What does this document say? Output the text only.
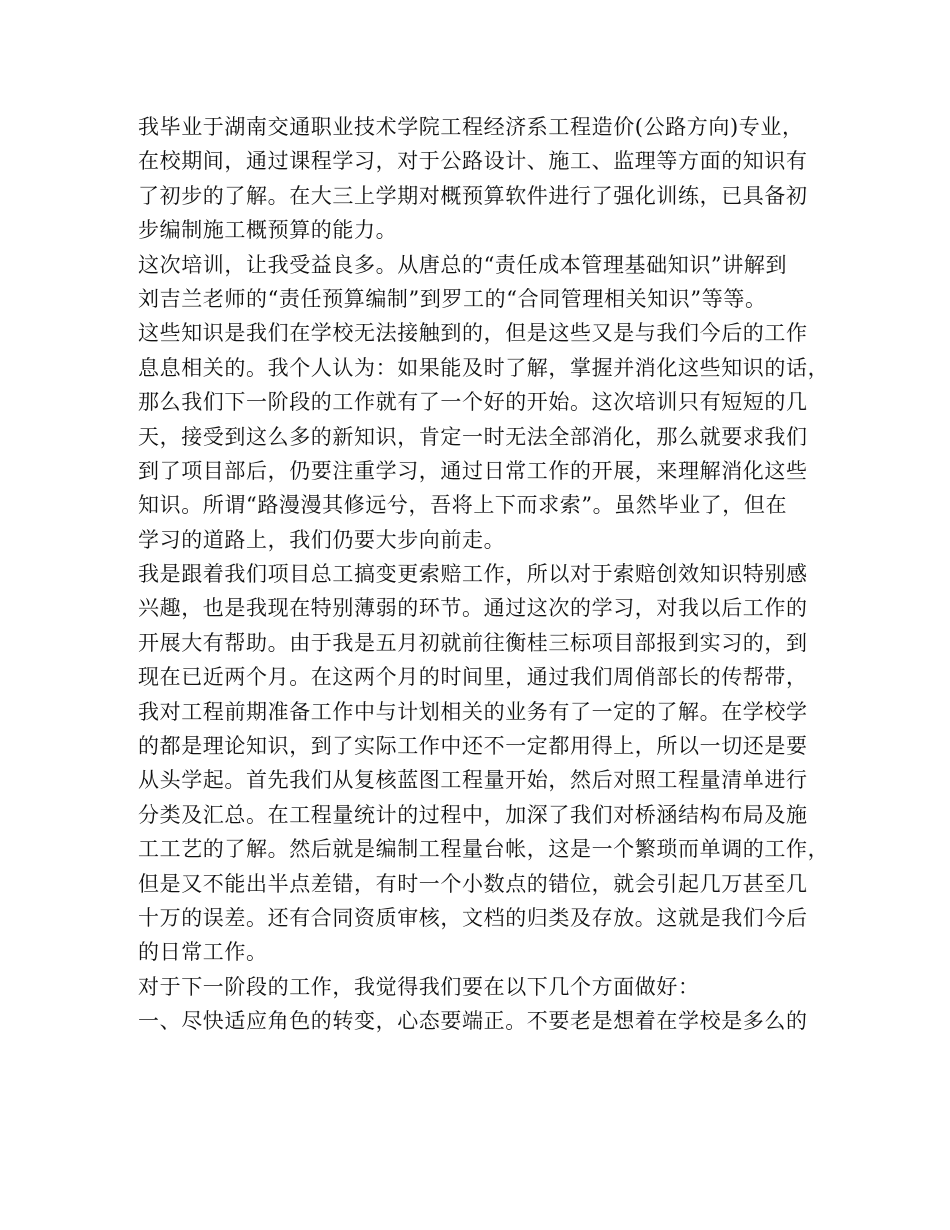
我毕业于湖南交通职业技术学院工程经济系工程造价(公路方向)专业，
在校期间，通过课程学习，对于公路设计、施工、监理等方面的知识有
了初步的了解。在大三上学期对概预算软件进行了强化训练，已具备初
步编制施工概预算的能力。
这次培训，让我受益良多。从唐总的“责任成本管理基础知识”讲解到
刘吉兰老师的“责任预算编制”到罗工的“合同管理相关知识”等等。
这些知识是我们在学校无法接触到的，但是这些又是与我们今后的工作
息息相关的。我个人认为：如果能及时了解，掌握并消化这些知识的话，
那么我们下一阶段的工作就有了一个好的开始。这次培训只有短短的几
天，接受到这么多的新知识，肯定一时无法全部消化，那么就要求我们
到了项目部后，仍要注重学习，通过日常工作的开展，来理解消化这些
知识。所谓“路漫漫其修远兮，吾将上下而求索”。虽然毕业了，但在
学习的道路上，我们仍要大步向前走。
我是跟着我们项目总工搞变更索赔工作，所以对于索赔创效知识特别感
兴趣，也是我现在特别薄弱的环节。通过这次的学习，对我以后工作的
开展大有帮助。由于我是五月初就前往衡桂三标项目部报到实习的，到
现在已近两个月。在这两个月的时间里，通过我们周俏部长的传帮带，
我对工程前期准备工作中与计划相关的业务有了一定的了解。在学校学
的都是理论知识，到了实际工作中还不一定都用得上，所以一切还是要
从头学起。首先我们从复核蓝图工程量开始，然后对照工程量清单进行
分类及汇总。在工程量统计的过程中，加深了我们对桥涵结构布局及施
工工艺的了解。然后就是编制工程量台帐，这是一个繁琐而单调的工作，
但是又不能出半点差错，有时一个小数点的错位，就会引起几万甚至几
十万的误差。还有合同资质审核，文档的归类及存放。这就是我们今后
的日常工作。
对于下一阶段的工作，我觉得我们要在以下几个方面做好：
一、尽快适应角色的转变，心态要端正。不要老是想着在学校是多么的
